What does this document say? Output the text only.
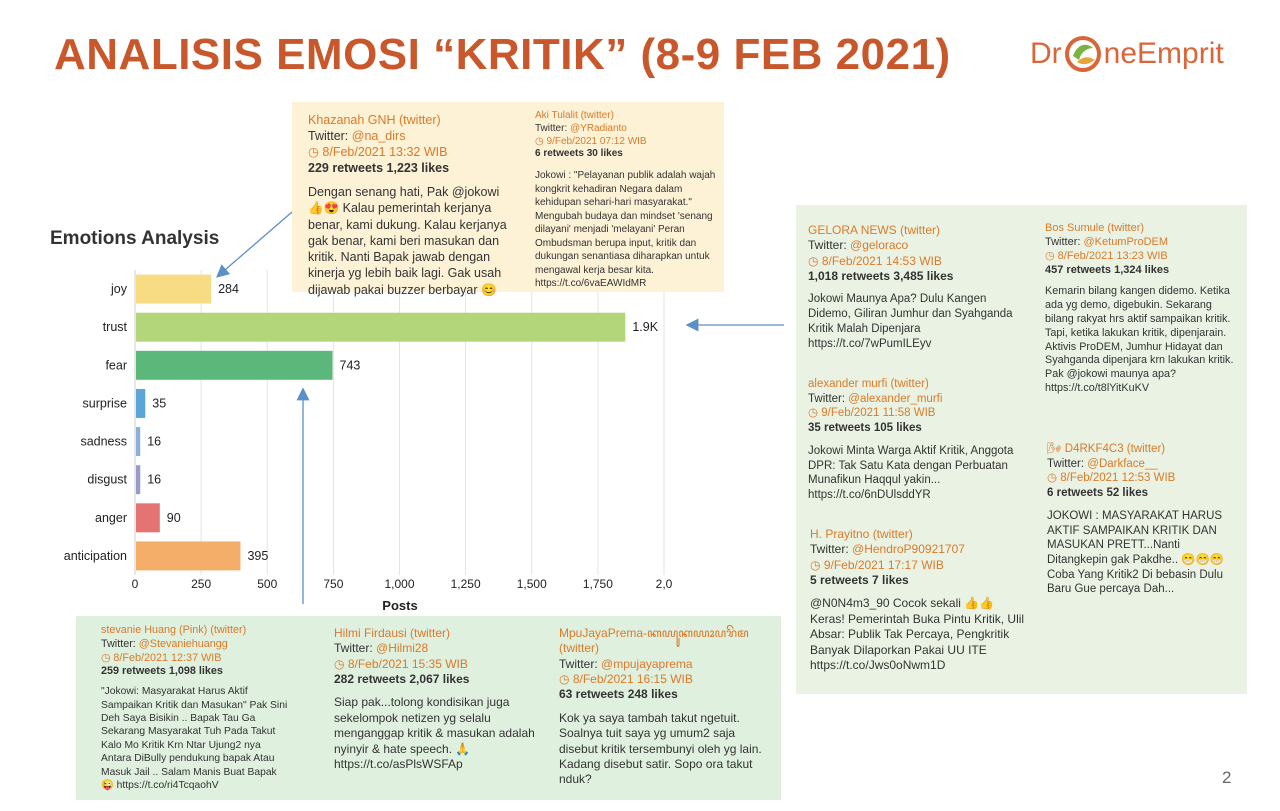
ANALISIS EMOSI “KRITIK” (8-9 FEB 2021)	Dr neEmprit
Emotions Analysis
0	250	500	750	1,000	1,250	1,500	1,750	2,0
joy	284
trust	1.9K
fear	743
surprise 35
sadness 16
disgust 16
anger	90
anticipation	395
Posts
Khazanah GNH (twitter)
Twitter: @na_dirs
◷ 8/Feb/2021 13:32 WIB
229 retweets 1,223 likes
Dengan senang hati, Pak @jokowi 👍😍 Kalau pemerintah kerjanya benar, kami dukung. Kalau kerjanya gak benar, kami beri masukan dan kritik. Nanti Bapak jawab dengan kinerja yg lebih baik lagi. Gak usah dijawab pakai buzzer berbayar 😊
Aki Tulalit (twitter)
Twitter: @YRadianto
◷ 9/Feb/2021 07:12 WIB
6 retweets 30 likes
Jokowi : "Pelayanan publik adalah wajah kongkrit kehadiran Negara dalam kehidupan sehari-hari masyarakat." Mengubah budaya dan mindset 'senang dilayani' menjadi 'melayani' Peran Ombudsman berupa input, kritik dan dukungan senantiasa diharapkan untuk mengawal kerja besar kita. https://t.co/6vaEAWIdMR
GELORA NEWS (twitter)
Twitter: @geloraco
◷ 8/Feb/2021 14:53 WIB
1,018 retweets 3,485 likes
Jokowi Maunya Apa? Dulu Kangen Didemo, Giliran Jumhur dan Syahganda Kritik Malah Dipenjara https://t.co/7wPumILEyv
alexander murfi (twitter)
Twitter: @alexander_murfi
◷ 9/Feb/2021 11:58 WIB
35 retweets 105 likes
Jokowi Minta Warga Aktif Kritik, Anggota DPR: Tak Satu Kata dengan Perbuatan Munafikun Haqqul yakin... https://t.co/6nDUlsddYR
H. Prayitno (twitter)
Twitter: @HendroP90921707
◷ 9/Feb/2021 17:17 WIB
5 retweets 7 likes
@N0N4m3_90 Cocok sekali 👍👍 Keras! Pemerintah Buka Pintu Kritik, Ulil Absar: Publik Tak Percaya, Pengkritik Banyak Dilaporkan Pakai UU ITE https://t.co/Jws0oNwm1D
Bos Sumule (twitter)
Twitter: @KetumProDEM
◷ 8/Feb/2021 13:23 WIB
457 retweets 1,324 likes
Kemarin bilang kangen didemo. Ketika ada yg demo, digebukin. Sekarang bilang rakyat hrs aktif sampaikan kritik. Tapi, ketika lakukan kritik, dipenjarain. Aktivis ProDEM, Jumhur Hidayat dan Syahganda dipenjara krn lakukan kritik. Pak @jokowi maunya apa? https://t.co/t8lYitKuKV
🌬 D4RKF4C3 (twitter)
Twitter: @Darkface__
◷ 8/Feb/2021 12:53 WIB
6 retweets 52 likes
JOKOWI : MASYARAKAT HARUS AKTIF SAMPAIKAN KRITIK DAN MASUKAN PRETT...Nanti Ditangkepin gak Pakdhe.. 😁😁😁 Coba Yang Kritik2 Di bebasin Dulu Baru Gue percaya Dah...
stevanie Huang (Pink) (twitter)
Twitter: @Stevaniehuangg
◷ 8/Feb/2021 12:37 WIB
259 retweets 1,098 likes
"Jokowi: Masyarakat Harus Aktif Sampaikan Kritik dan Masukan" Pak Sini Deh Saya Bisikin .. Bapak Tau Ga Sekarang Masyarakat Tuh Pada Takut Kalo Mo Kritik Krn Ntar Ujung2 nya Antara DiBully pendukung bapak Atau Masuk Jail .. Salam Manis Buat Bapak 😜 https://t.co/ri4TcqaohV
Hilmi Firdausi (twitter)
Twitter: @Hilmi28
◷ 8/Feb/2021 15:35 WIB
282 retweets 2,067 likes
Siap pak...tolong kondisikan juga sekelompok netizen yg selalu menganggap kritik & masukan adalah nyinyir & hate speech. 🙏 https://t.co/asPlsWSFAp
MpuJayaPrema-ꦏꦪꦸꦏꦪꦴꦥꦫꦼꦩ (twitter)
Twitter: @mpujayaprema
◷ 8/Feb/2021 16:15 WIB
63 retweets 248 likes
Kok ya saya tambah takut ngetuit. Soalnya tuit saya yg umum2 saja disebut kritik tersembunyi oleh yg lain. Kadang disebut satir. Sopo ora takut nduk?	2
